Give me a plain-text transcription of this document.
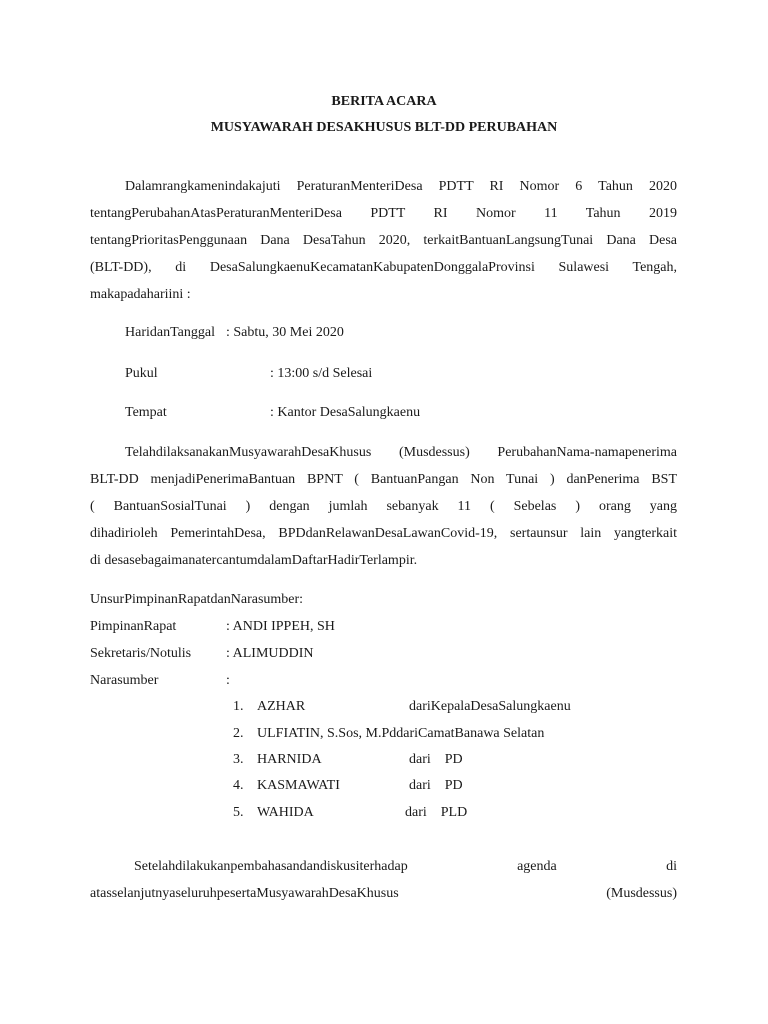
BERITA ACARA
MUSYAWARAH DESAKHUSUS BLT-DD PERUBAHAN
Dalamrangkamenindakajuti PeraturanMenteriDesa PDTT RI Nomor 6 Tahun 2020
tentangPerubahanAtasPeraturanMenteriDesa PDTT RI Nomor 11 Tahun 2019
tentangPrioritasPenggunaan Dana DesaTahun 2020, terkaitBantuanLangsungTunai Dana Desa
(BLT-DD), di DesaSalungkaenuKecamatanKabupatenDonggalaProvinsi Sulawesi Tengah,
makapadahariini :
HaridanTanggal : Sabtu, 30 Mei 2020
Pukul	: 13:00 s/d Selesai
Tempat	: Kantor DesaSalungkaenu
TelahdilaksanakanMusyawarahDesaKhusus (Musdessus) PerubahanNama-namapenerima
BLT-DD menjadiPenerimaBantuan BPNT ( BantuanPangan Non Tunai ) danPenerima BST
( BantuanSosialTunai ) dengan jumlah sebanyak 11 ( Sebelas ) orang yang
dihadirioleh PemerintahDesa, BPDdanRelawanDesaLawanCovid-19, sertaunsur lain yangterkait
di desasebagaimanatercantumdalamDaftarHadirTerlampir.
UnsurPimpinanRapatdanNarasumber:
PimpinanRapat	: ANDI IPPEH, SH
Sekretaris/Notulis : ALIMUDDIN
Narasumber	:
1. AZHAR	dariKepalaDesaSalungkaenu
2. ULFIATIN, S.Sos, M.PddariCamatBanawa Selatan
3. HARNIDA	dari    PD
4. KASMAWATI	dari    PD
5. WAHIDA	dari    PLD
Setelahdilakukanpembahasandandiskusiterhadap agenda di
atasselanjutnyaseluruhpesertaMusyawarahDesaKhusus (Musdessus)
